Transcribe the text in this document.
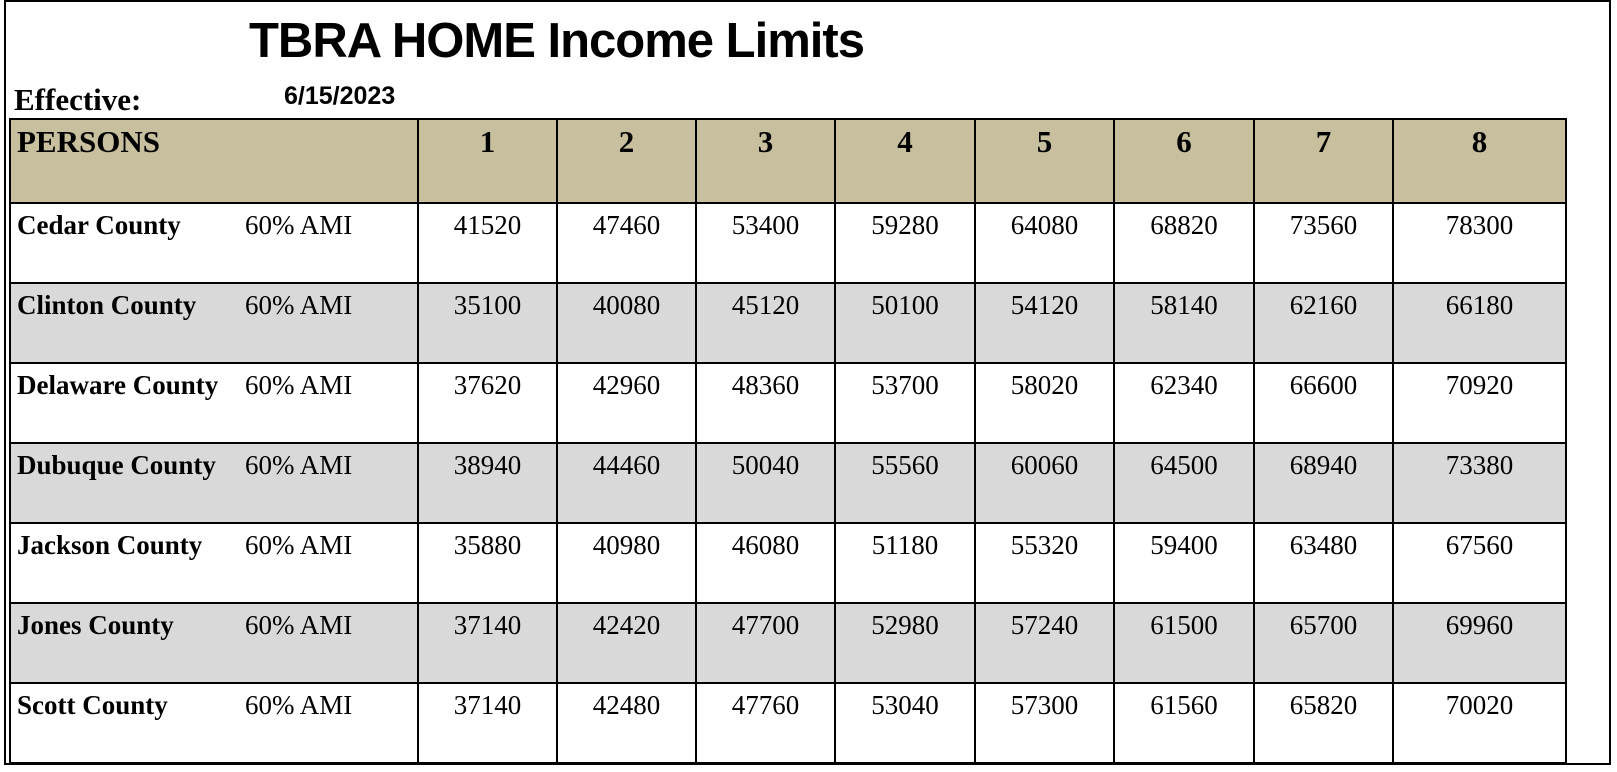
TBRA HOME Income Limits
Effective:	6/15/2023
PERSONS		1	2	3	4	5	6	7	8
Cedar County	60% AMI	41520	47460	53400	59280	64080	68820	73560	78300
Clinton County	60% AMI	35100	40080	45120	50100	54120	58140	62160	66180
Delaware County	60% AMI	37620	42960	48360	53700	58020	62340	66600	70920
Dubuque County	60% AMI	38940	44460	50040	55560	60060	64500	68940	73380
Jackson County	60% AMI	35880	40980	46080	51180	55320	59400	63480	67560
Jones County	60% AMI	37140	42420	47700	52980	57240	61500	65700	69960
Scott County	60% AMI	37140	42480	47760	53040	57300	61560	65820	70020
